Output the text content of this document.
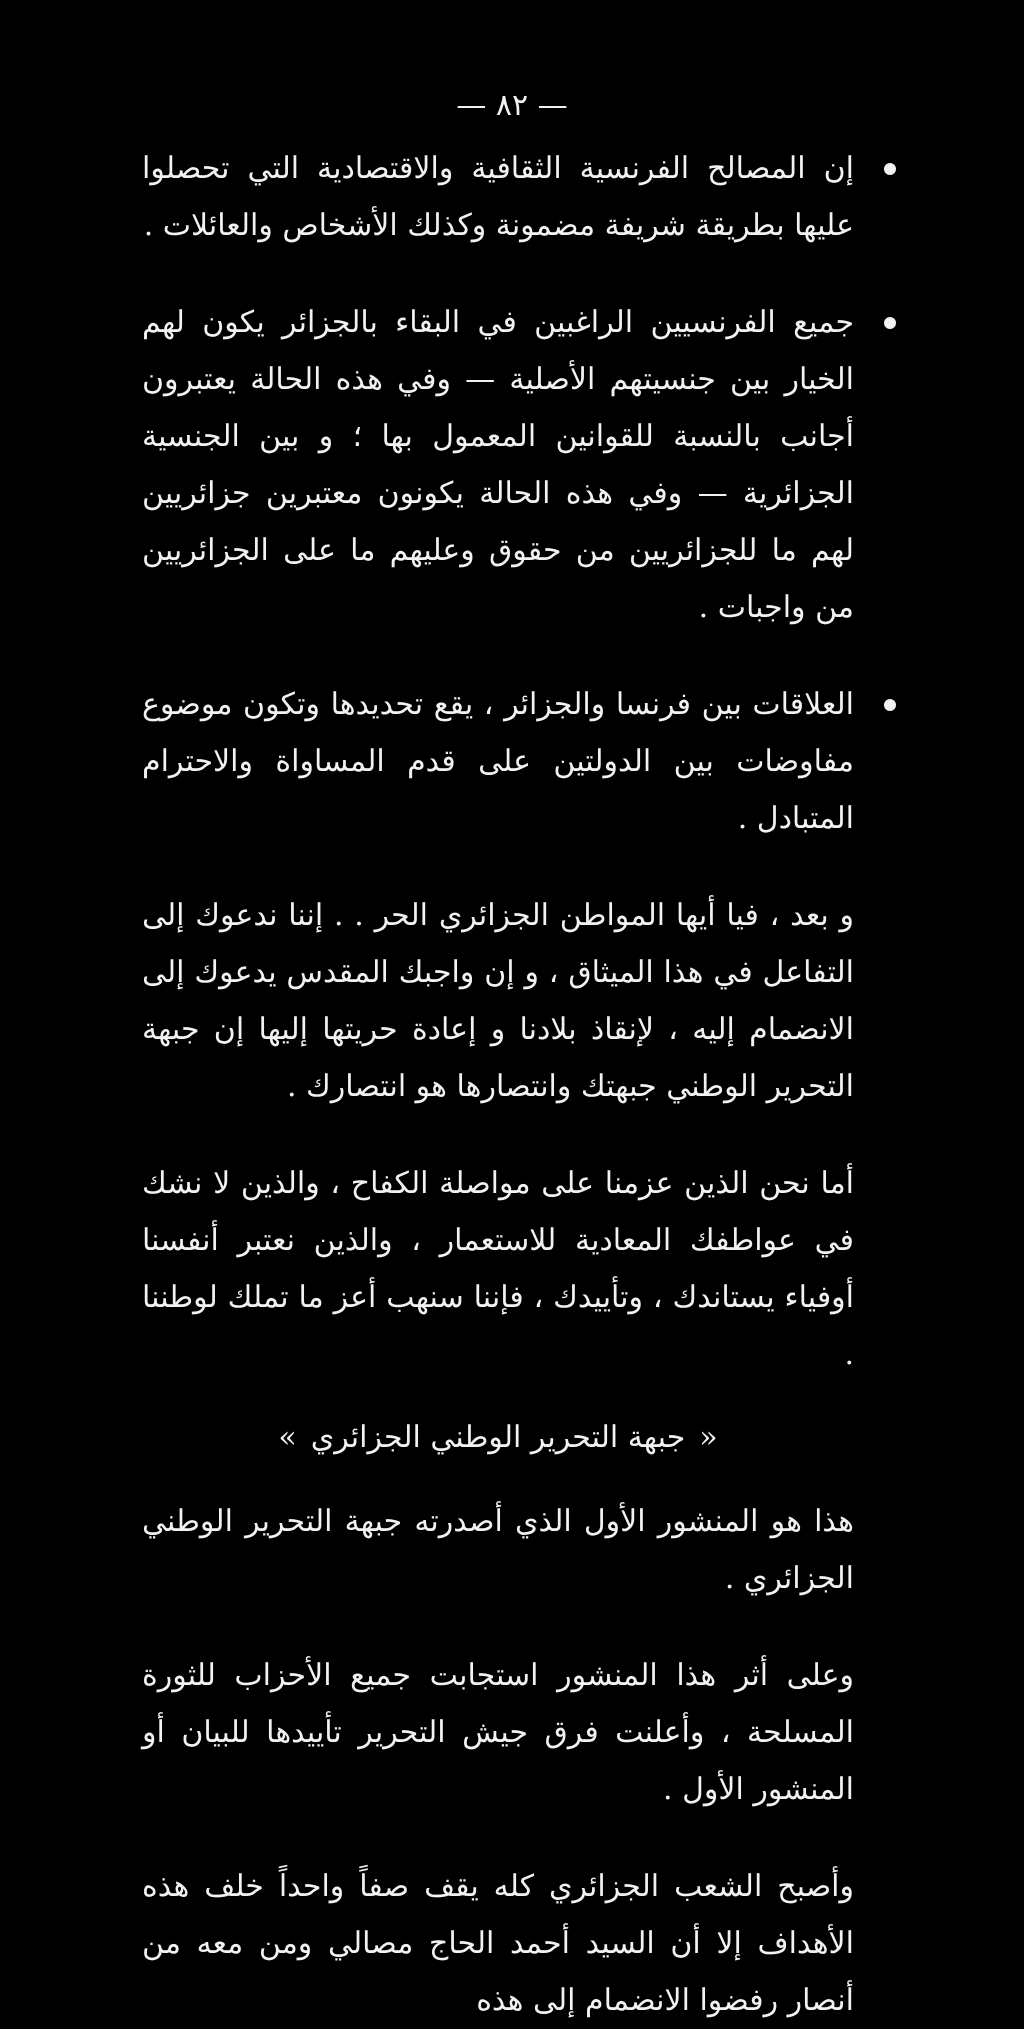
— ٨٢ —

إن المصالح الفرنسية الثقافية والاقتصادية التي تحصلوا عليها بطريقة شريفة مضمونة وكذلك الأشخاص والعائلات .

جميع الفرنسيين الراغبين في البقاء بالجزائر يكون لهم الخيار بين جنسيتهم الأصلية — وفي هذه الحالة يعتبرون أجانب بالنسبة للقوانين المعمول بها ؛ و بين الجنسية الجزائرية — وفي هذه الحالة يكونون معتبرين جزائريين لهم ما للجزائريين من حقوق وعليهم ما على الجزائريين من واجبات .

العلاقات بين فرنسا والجزائر ، يقع تحديدها وتكون موضوع مفاوضات بين الدولتين على قدم المساواة والاحترام المتبادل .

و بعد ، فيا أيها المواطن الجزائري الحر . . إننا ندعوك إلى التفاعل في هذا الميثاق ، و إن واجبك المقدس يدعوك إلى الانضمام إليه ، لإنقاذ بلادنا و إعادة حريتها إليها إن جبهة التحرير الوطني جبهتك وانتصارها هو انتصارك .

أما نحن الذين عزمنا على مواصلة الكفاح ، والذين لا نشك في عواطفك المعادية للاستعمار ، والذين نعتبر أنفسنا أوفياء يستاندك ، وتأييدك ، فإننا سنهب أعز ما تملك لوطننا .

«جبهة التحرير الوطني الجزائري»

هذا هو المنشور الأول الذي أصدرته جبهة التحرير الوطني الجزائري .

وعلى أثر هذا المنشور استجابت جميع الأحزاب للثورة المسلحة ، وأعلنت فرق جيش التحرير تأييدها للبيان أو المنشور الأول .

وأصبح الشعب الجزائري كله يقف صفاً واحداً خلف هذه الأهداف إلا أن السيد أحمد الحاج مصالي ومن معه من أنصار رفضوا الانضمام إلى هذه
